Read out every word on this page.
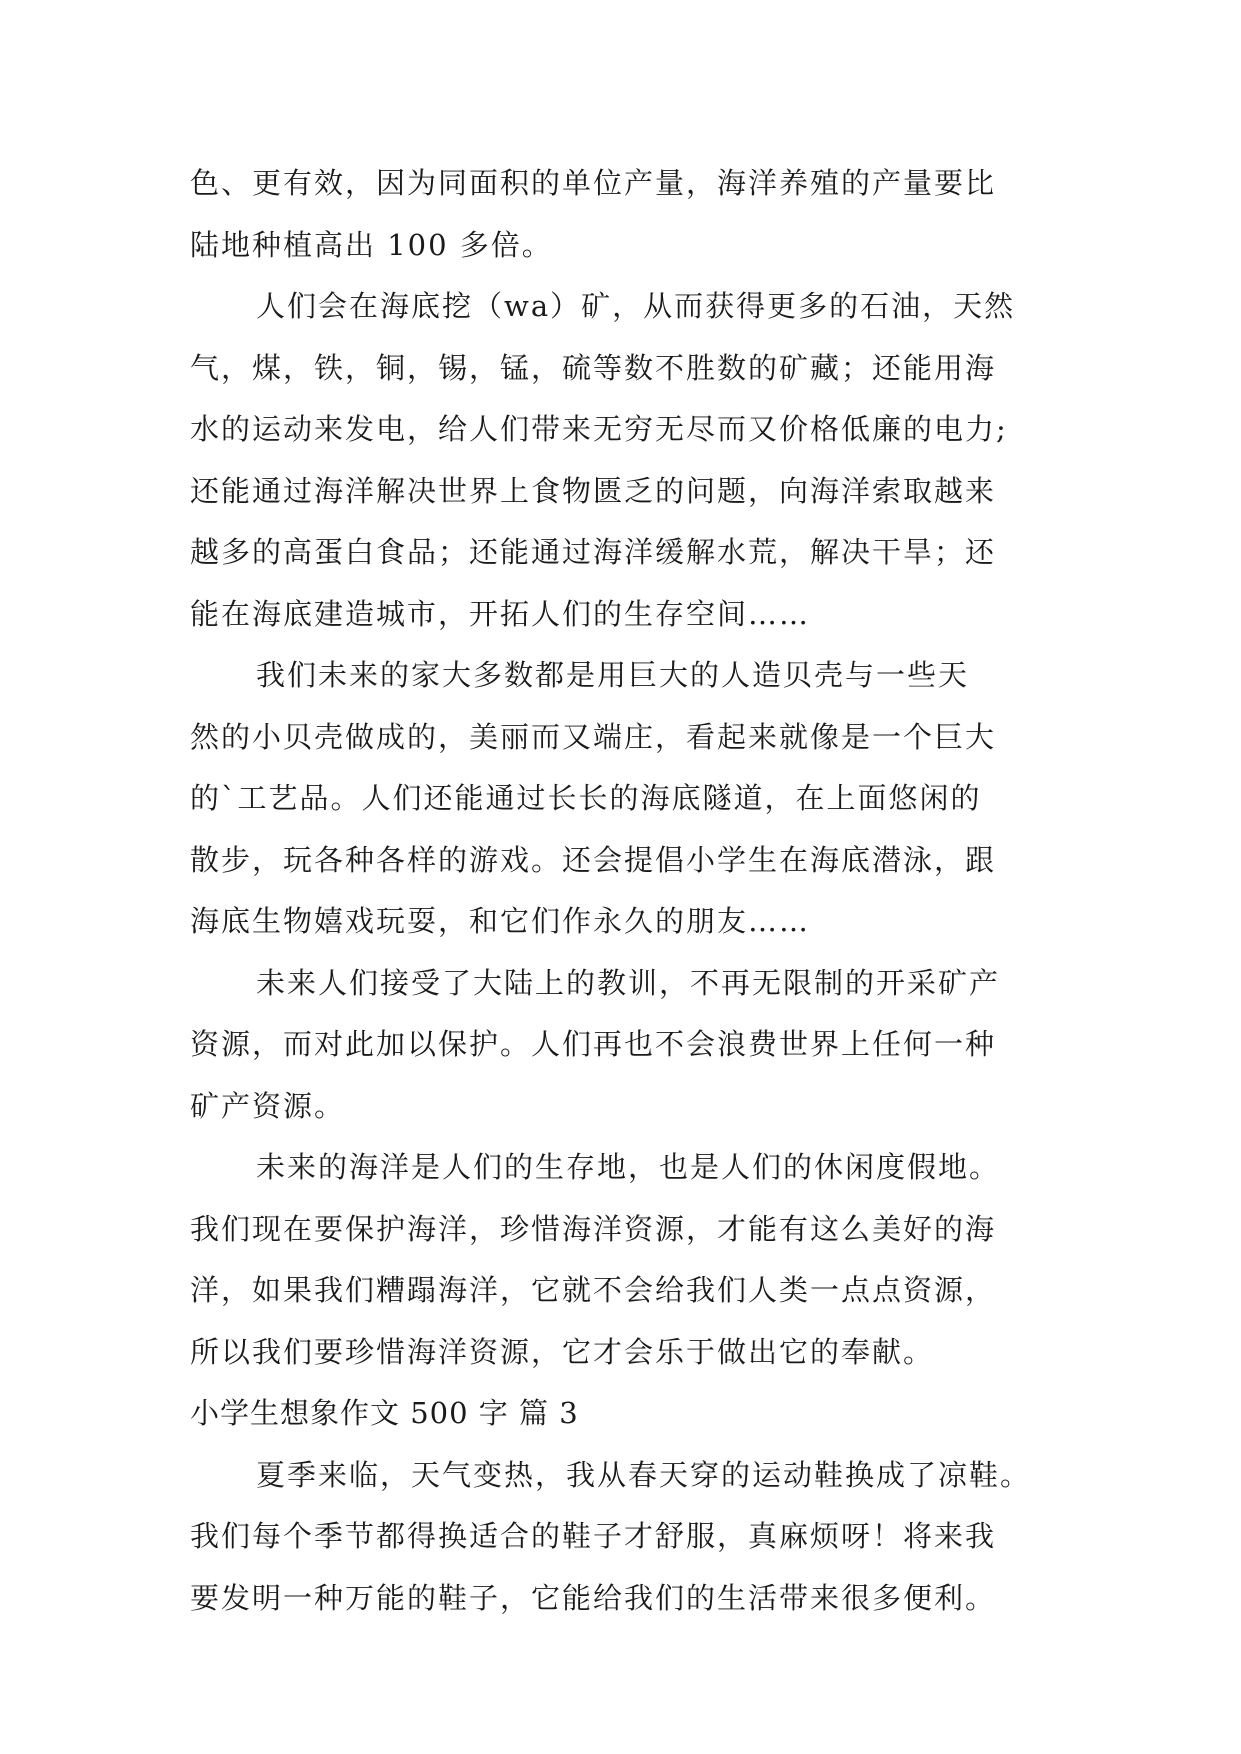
色、更有效，因为同面积的单位产量，海洋养殖的产量要比
陆地种植高出 100 多倍。
人们会在海底挖（wa）矿，从而获得更多的石油，天然
气，煤，铁，铜，锡，锰，硫等数不胜数的矿藏；还能用海
水的运动来发电，给人们带来无穷无尽而又价格低廉的电力;
还能通过海洋解决世界上食物匮乏的问题，向海洋索取越来
越多的高蛋白食品；还能通过海洋缓解水荒，解决干旱；还
能在海底建造城市，开拓人们的生存空间……
我们未来的家大多数都是用巨大的人造贝壳与一些天
然的小贝壳做成的，美丽而又端庄，看起来就像是一个巨大
的`工艺品。人们还能通过长长的海底隧道，在上面悠闲的
散步，玩各种各样的游戏。还会提倡小学生在海底潜泳，跟
海底生物嬉戏玩耍，和它们作永久的朋友……
未来人们接受了大陆上的教训，不再无限制的开采矿产
资源，而对此加以保护。人们再也不会浪费世界上任何一种
矿产资源。
未来的海洋是人们的生存地，也是人们的休闲度假地。
我们现在要保护海洋，珍惜海洋资源，才能有这么美好的海
洋，如果我们糟蹋海洋，它就不会给我们人类一点点资源，
所以我们要珍惜海洋资源，它才会乐于做出它的奉献。
小学生想象作文 500 字 篇 3
夏季来临，天气变热，我从春天穿的运动鞋换成了凉鞋。
我们每个季节都得换适合的鞋子才舒服，真麻烦呀！将来我
要发明一种万能的鞋子，它能给我们的生活带来很多便利。
